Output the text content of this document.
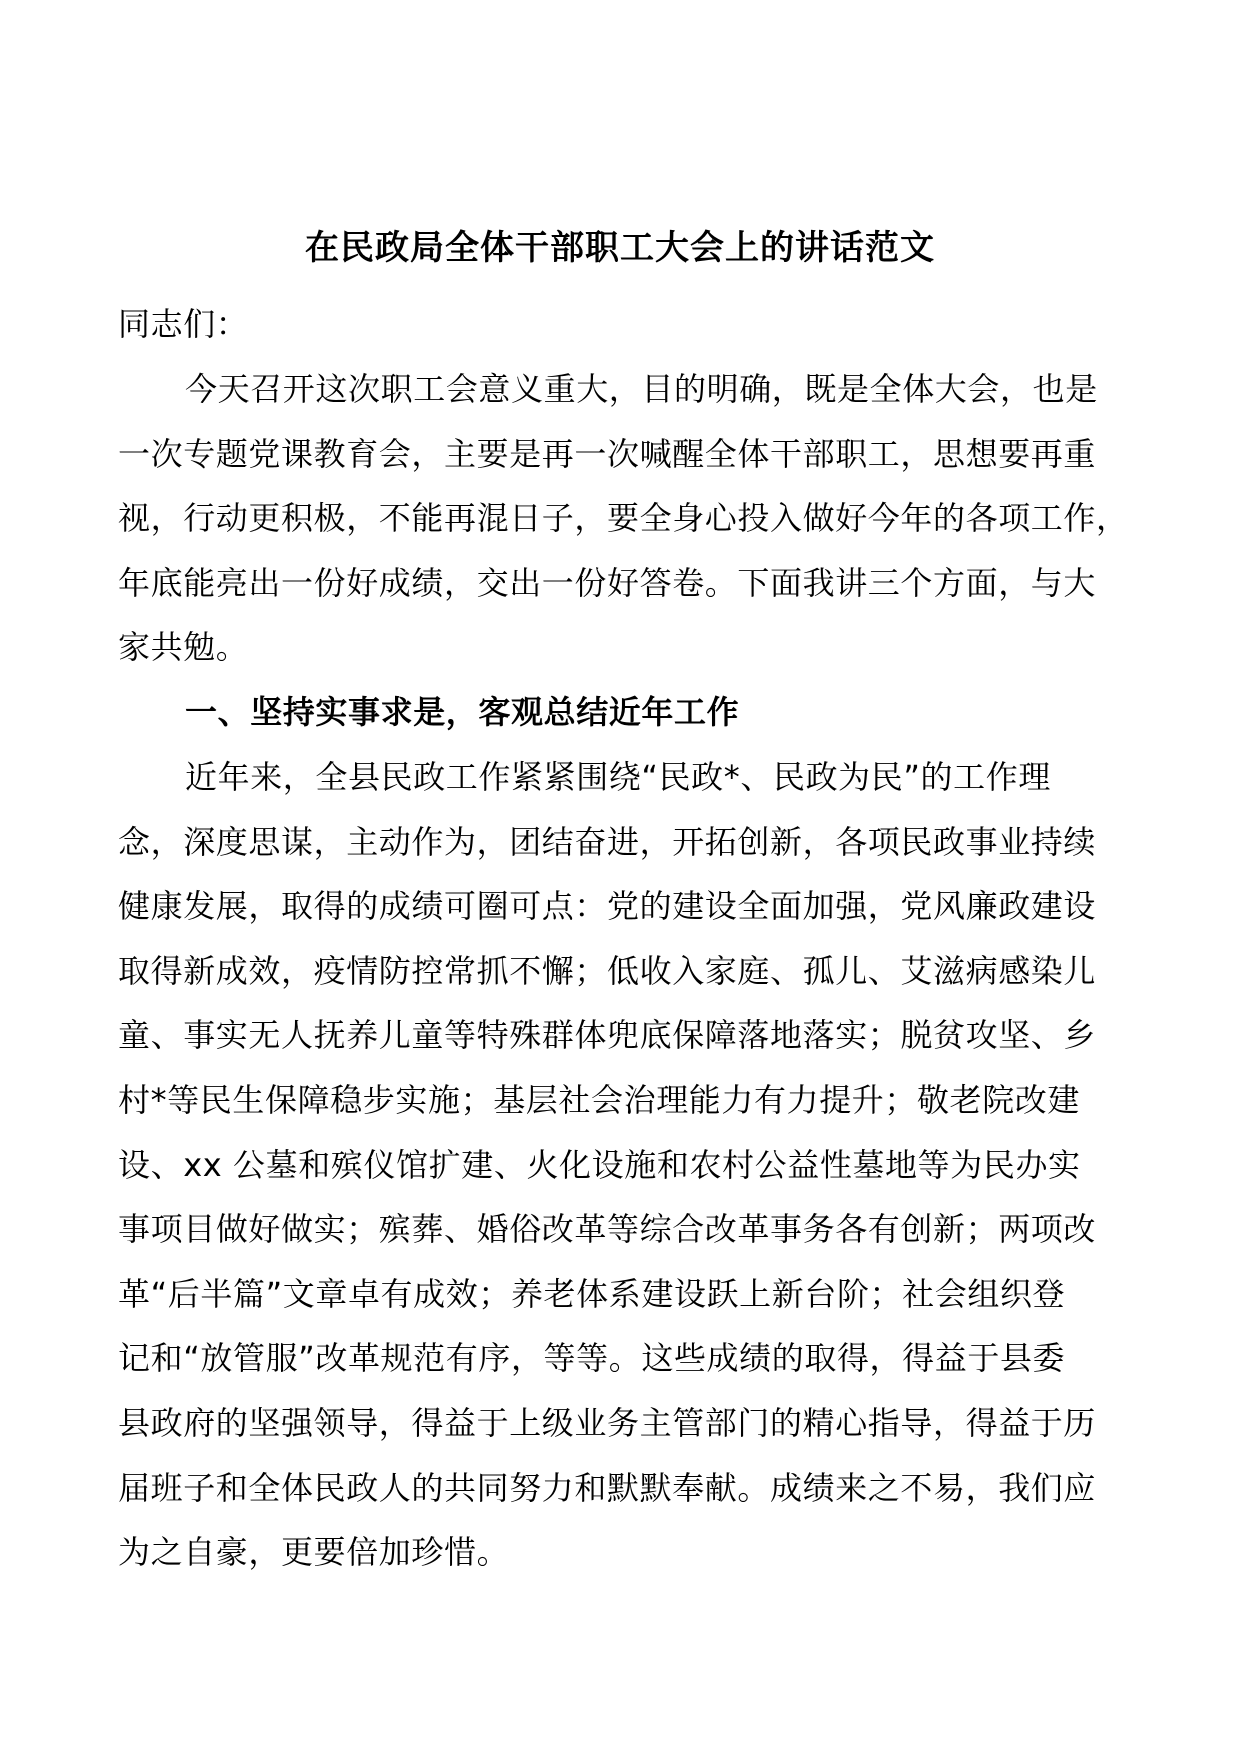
在民政局全体干部职工大会上的讲话范文
同志们：
今天召开这次职工会意义重大，目的明确，既是全体大会，也是
一次专题党课教育会，主要是再一次喊醒全体干部职工，思想要再重
视，行动更积极，不能再混日子，要全身心投入做好今年的各项工作，
年底能亮出一份好成绩，交出一份好答卷。下面我讲三个方面，与大
家共勉。
一、坚持实事求是，客观总结近年工作
近年来，全县民政工作紧紧围绕“民政*、民政为民”的工作理
念，深度思谋，主动作为，团结奋进，开拓创新，各项民政事业持续
健康发展，取得的成绩可圈可点：党的建设全面加强，党风廉政建设
取得新成效，疫情防控常抓不懈；低收入家庭、孤儿、艾滋病感染儿
童、事实无人抚养儿童等特殊群体兜底保障落地落实；脱贫攻坚、乡
村*等民生保障稳步实施；基层社会治理能力有力提升；敬老院改建
设、xx 公墓和殡仪馆扩建、火化设施和农村公益性墓地等为民办实
事项目做好做实；殡葬、婚俗改革等综合改革事务各有创新；两项改
革“后半篇”文章卓有成效；养老体系建设跃上新台阶；社会组织登
记和“放管服”改革规范有序，等等。这些成绩的取得，得益于县委
县政府的坚强领导，得益于上级业务主管部门的精心指导，得益于历
届班子和全体民政人的共同努力和默默奉献。成绩来之不易，我们应
为之自豪，更要倍加珍惜。
